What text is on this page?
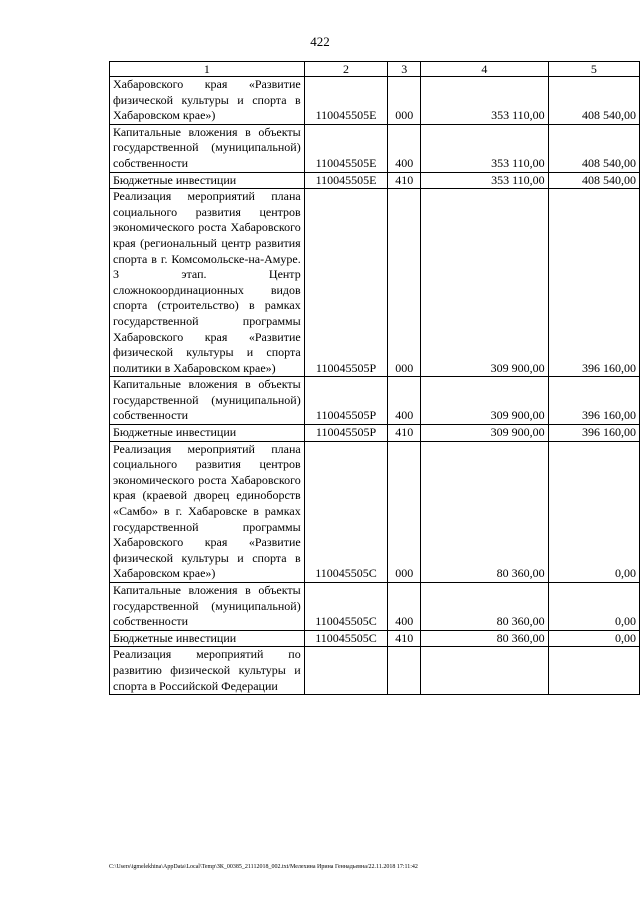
422
1	2	3	4	5
Хабаровского края «Развитие физической культуры и спорта в Хабаровском крае»)	110045505Е	000	353 110,00	408 540,00
Капитальные вложения в объекты государственной (муниципальной) собственности	110045505Е	400	353 110,00	408 540,00
Бюджетные инвестиции	110045505Е	410	353 110,00	408 540,00
Реализация мероприятий плана социального развития центров экономического роста Хабаровского края (региональный центр развития спорта в г. Комсомольске-на-Амуре. 3 этап. Центр сложнокоординационных видов спорта (строительство) в рамках государственной программы Хабаровского края «Развитие физической культуры и спорта политики в Хабаровском крае»)	110045505Р	000	309 900,00	396 160,00
Капитальные вложения в объекты государственной (муниципальной) собственности	110045505Р	400	309 900,00	396 160,00
Бюджетные инвестиции	110045505Р	410	309 900,00	396 160,00
Реализация мероприятий плана социального развития центров экономического роста Хабаровского края (краевой дворец единоборств «Самбо» в г. Хабаровске в рамках государственной программы Хабаровского края «Развитие физической культуры и спорта в Хабаровском крае»)	110045505С	000	80 360,00	0,00
Капитальные вложения в объекты государственной (муниципальной) собственности	110045505С	400	80 360,00	0,00
Бюджетные инвестиции	110045505С	410	80 360,00	0,00
Реализация мероприятий по развитию физической культуры и спорта в Российской Федерации				
C:\Users\igmelekhina\AppData\Local\Temp\ЗК_00385_21112018_002.txt/Мелехина Ирина Геннадьевна/22.11.2018 17:11:42
